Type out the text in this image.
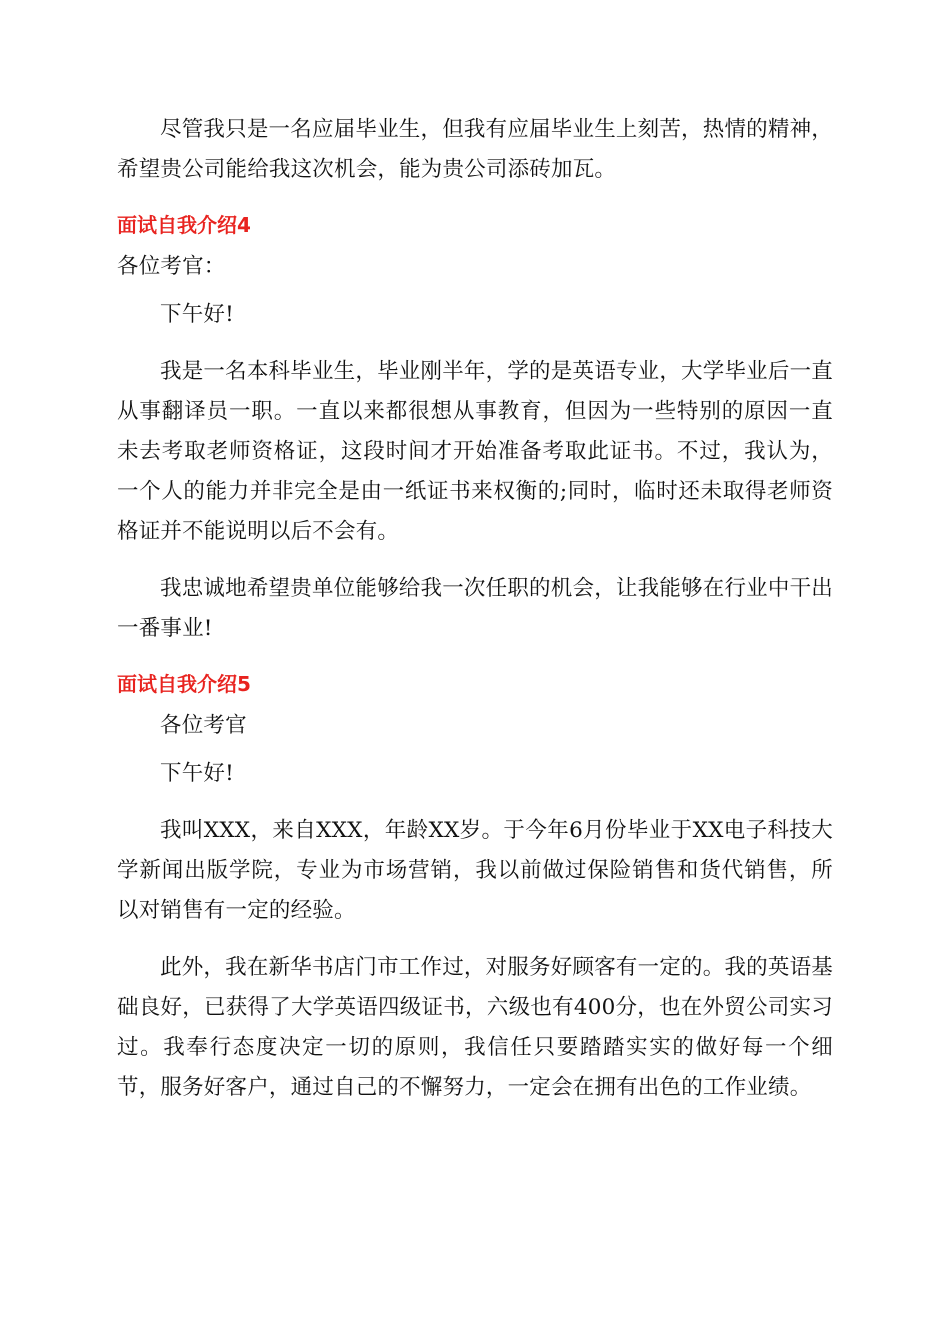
尽管我只是一名应届毕业生，但我有应届毕业生上刻苦，热情的精神，希望贵公司能给我这次机会，能为贵公司添砖加瓦。

面试自我介绍4

各位考官：

下午好!

我是一名本科毕业生，毕业刚半年，学的是英语专业，大学毕业后一直从事翻译员一职。一直以来都很想从事教育，但因为一些特别的原因一直未去考取老师资格证，这段时间才开始准备考取此证书。不过，我认为，一个人的能力并非完全是由一纸证书来权衡的;同时，临时还未取得老师资格证并不能说明以后不会有。

我忠诚地希望贵单位能够给我一次任职的机会，让我能够在行业中干出一番事业!

面试自我介绍5

各位考官

下午好!

我叫XXX，来自XXX，年龄XX岁。于今年6月份毕业于XX电子科技大学新闻出版学院，专业为市场营销，我以前做过保险销售和货代销售，所以对销售有一定的经验。

此外，我在新华书店门市工作过，对服务好顾客有一定的。我的英语基础良好，已获得了大学英语四级证书，六级也有400分，也在外贸公司实习过。我奉行态度决定一切的原则，我信任只要踏踏实实的做好每一个细节，服务好客户，通过自己的不懈努力，一定会在拥有出色的工作业绩。
